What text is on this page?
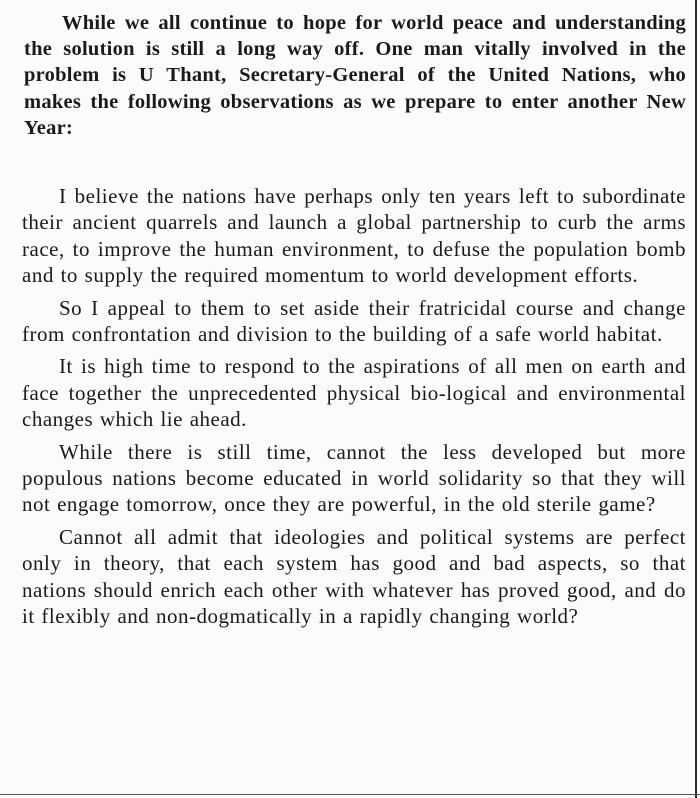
While we all continue to hope for world peace and understanding the solution is still a long way off. One man vitally involved in the problem is U Thant, Secretary-General of the United Nations, who makes the following observations as we prepare to enter another New Year:

I believe the nations have perhaps only ten years left to subordinate their ancient quarrels and launch a global partnership to curb the arms race, to improve the human environment, to defuse the population bomb and to supply the required momentum to world development efforts.

So I appeal to them to set aside their fratricidal course and change from confrontation and division to the building of a safe world habitat.

It is high time to respond to the aspirations of all men on earth and face together the unprecedented physical bio-logical and environmental changes which lie ahead.

While there is still time, cannot the less developed but more populous nations become educated in world solidarity so that they will not engage tomorrow, once they are powerful, in the old sterile game?

Cannot all admit that ideologies and political systems are perfect only in theory, that each system has good and bad aspects, so that nations should enrich each other with whatever has proved good, and do it flexibly and non-dogmatically in a rapidly changing world?
